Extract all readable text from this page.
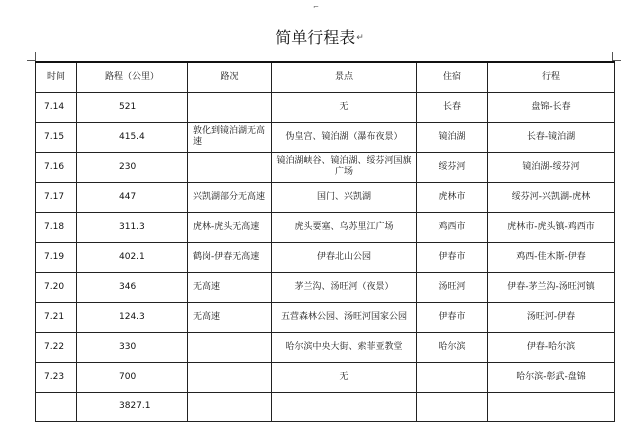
⌐
简单行程表↵
时间	路程（公里）	路况	景点	住宿	行程
7.14	521		无	长春	盘锦-长春
7.15	415.4	敦化到镜泊湖无高速	伪皇宫、镜泊湖（瀑布夜景）	镜泊湖	长春-镜泊湖
7.16	230		镜泊湖峡谷、镜泊湖、绥芬河国旗广场	绥芬河	镜泊湖-绥芬河
7.17	447	兴凯湖部分无高速	国门、兴凯湖	虎林市	绥芬河-兴凯湖-虎林
7.18	311.3	虎林-虎头无高速	虎头要塞、乌苏里江广场	鸡西市	虎林市-虎头镇-鸡西市
7.19	402.1	鹤岗-伊春无高速	伊春北山公园	伊春市	鸡西-佳木斯-伊春
7.20	346	无高速	茅兰沟、汤旺河（夜景）	汤旺河	伊春-茅兰沟-汤旺河镇
7.21	124.3	无高速	五营森林公园、汤旺河国家公园	伊春市	汤旺河-伊春
7.22	330		哈尔滨中央大街、索菲亚教堂	哈尔滨	伊春-哈尔滨
7.23	700		无		哈尔滨-彰武-盘锦
	3827.1				
